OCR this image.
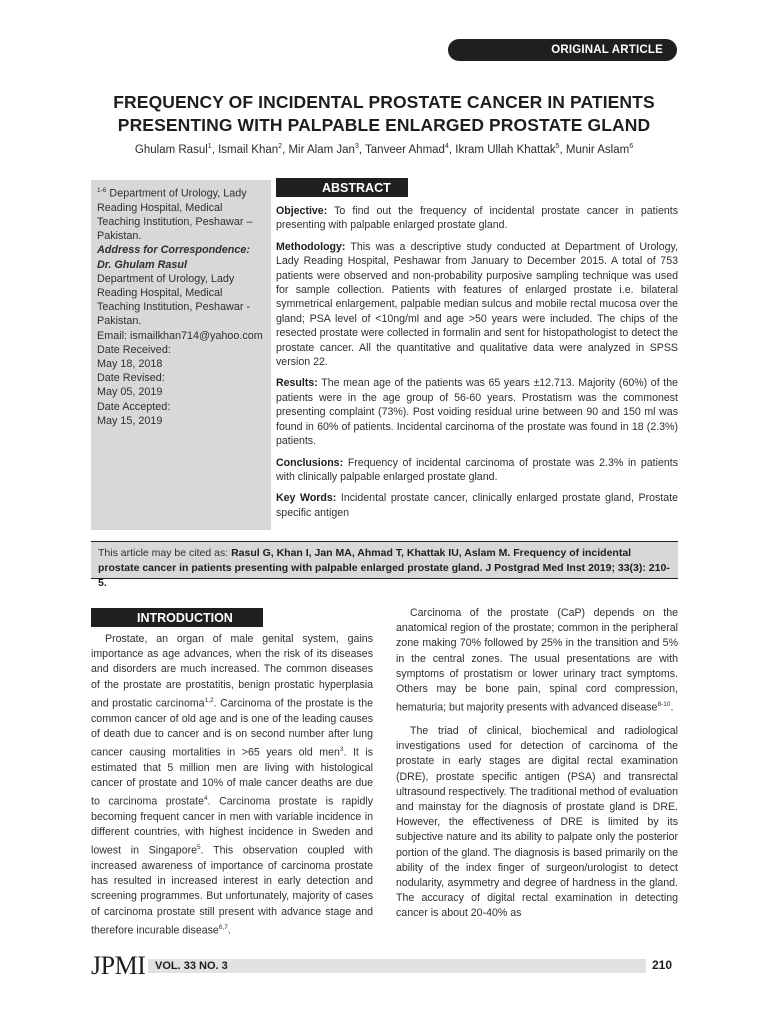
ORIGINAL ARTICLE
FREQUENCY OF INCIDENTAL PROSTATE CANCER IN PATIENTS
PRESENTING WITH PALPABLE ENLARGED PROSTATE GLAND
Ghulam Rasul$^1$, Ismail Khan$^2$, Mir Alam Jan$^3$, Tanveer Ahmad$^4$, Ikram Ullah Khattak$^5$, Munir Aslam$^6$

$^{1-6}$ Department of Urology, Lady Reading Hospital, Medical Teaching Institution, Peshawar – Pakistan.

Address for Correspondence:

Dr. Ghulam Rasul

Department of Urology, Lady Reading Hospital, Medical Teaching Institution, Peshawar - Pakistan.

Email: ismailkhan714@yahoo.com

Date Received:

May 18, 2018

Date Revised:

May 05, 2019

Date Accepted:

May 15, 2019

ABSTRACT

Objective: To find out the frequency of incidental prostate cancer in patients presenting with palpable enlarged prostate gland.

Methodology: This was a descriptive study conducted at Department of Urology, Lady Reading Hospital, Peshawar from January to December 2015. A total of 753 patients were observed and non-probability purposive sampling technique was used for sample collection. Patients with features of enlarged prostate i.e. bilateral symmetrical enlargement, palpable median sulcus and mobile rectal mucosa over the gland; PSA level of <10ng/ml and age >50 years were included. The chips of the resected prostate were collected in formalin and sent for histopathologist to detect the prostate cancer. All the quantitative and qualitative data were analyzed in SPSS version 22.

Results: The mean age of the patients was 65 years ±12.713. Majority (60%) of the patients were in the age group of 56-60 years. Prostatism was the commonest presenting complaint (73%). Post voiding residual urine between 90 and 150 ml was found in 60% of patients. Incidental carcinoma of the prostate was found in 18 (2.3%) patients.

Conclusions: Frequency of incidental carcinoma of prostate was 2.3% in patients with clinically palpable enlarged prostate gland.

Key Words: Incidental prostate cancer, clinically enlarged prostate gland, Prostate specific antigen

This article may be cited as: Rasul G, Khan I, Jan MA, Ahmad T, Khattak IU, Aslam M. Frequency of incidental prostate cancer in patients presenting with palpable enlarged prostate gland. J Postgrad Med Inst 2019; 33(3): 210-5.
INTRODUCTION

Prostate, an organ of male genital system, gains importance as age advances, when the risk of its diseases and disorders are much increased. The common diseases of the prostate are prostatitis, benign prostatic hyperplasia and prostatic carcinoma$^{1,2}$. Carcinoma of the prostate is the common cancer of old age and is one of the leading causes of death due to cancer and is on second number after lung cancer causing mortalities in >65 years old men$^3$. It is estimated that 5 million men are living with histological cancer of prostate and 10% of male cancer deaths are due to carcinoma prostate$^4$. Carcinoma prostate is rapidly becoming frequent cancer in men with variable incidence in different countries, with highest incidence in Sweden and lowest in Singapore$^5$. This observation coupled with increased awareness of importance of carcinoma prostate has resulted in increased interest in early detection and screening programmes. But unfortunately, majority of cases of carcinoma prostate still present with advance stage and therefore incurable disease$^{6,7}$.

Carcinoma of the prostate (CaP) depends on the anatomical region of the prostate; common in the peripheral zone making 70% followed by 25% in the transition and 5% in the central zones. The usual presentations are with symptoms of prostatism or lower urinary tract symptoms. Others may be bone pain, spinal cord compression, hematuria; but majority presents with advanced disease$^{8-10}$.

The triad of clinical, biochemical and radiological investigations used for detection of carcinoma of the prostate in early stages are digital rectal examination (DRE), prostate specific antigen (PSA) and transrectal ultrasound respectively. The traditional method of evaluation and mainstay for the diagnosis of prostate gland is DRE. However, the effectiveness of DRE is limited by its subjective nature and its ability to palpate only the posterior portion of the gland. The diagnosis is based primarily on the ability of the index finger of surgeon/urologist to detect nodularity, asymmetry and degree of hardness in the gland. The accuracy of digital rectal examination in detecting cancer is about 20-40% as

JPMI VOL. 33 NO. 3	210
